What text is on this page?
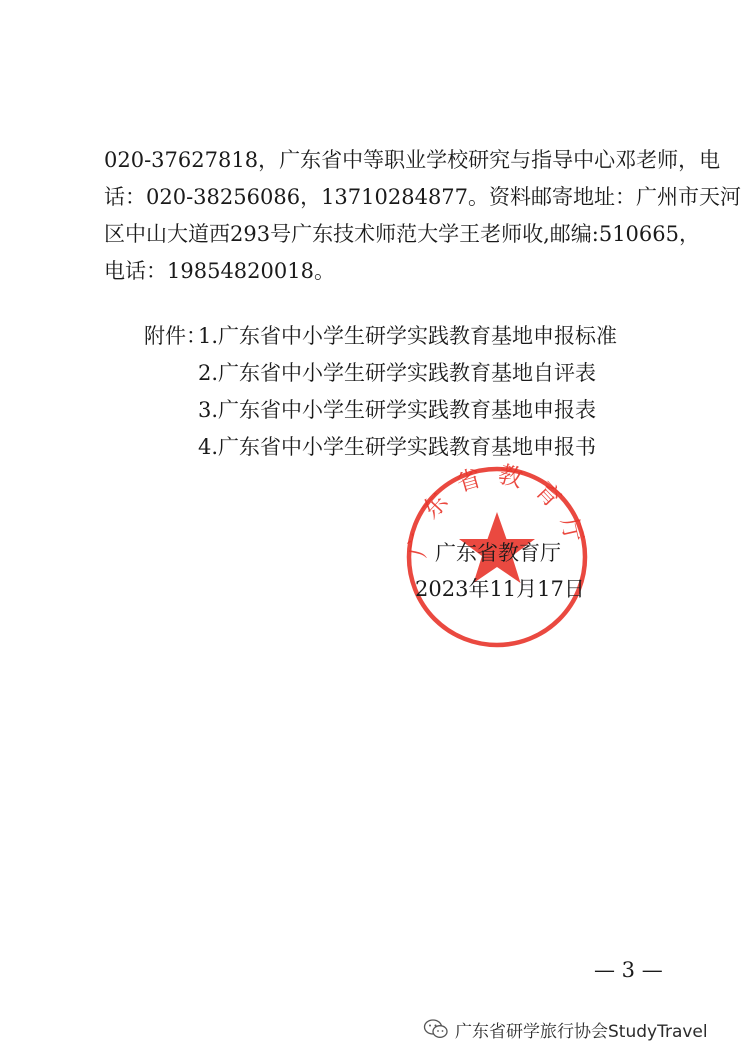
020-37627818，广东省中等职业学校研究与指导中心邓老师，电
话：020-38256086，13710284877。资料邮寄地址：广州市天河
区中山大道西293号广东技术师范大学王老师收,邮编:510665，
电话：19854820018。
附件：
1.广东省中小学生研学实践教育基地申报标准
2.广东省中小学生研学实践教育基地自评表
3.广东省中小学生研学实践教育基地申报表
4.广东省中小学生研学实践教育基地申报书
广东省教育厅
广东省教育厅
2023年11月17日
— 3 —
广东省研学旅行协会StudyTravel
